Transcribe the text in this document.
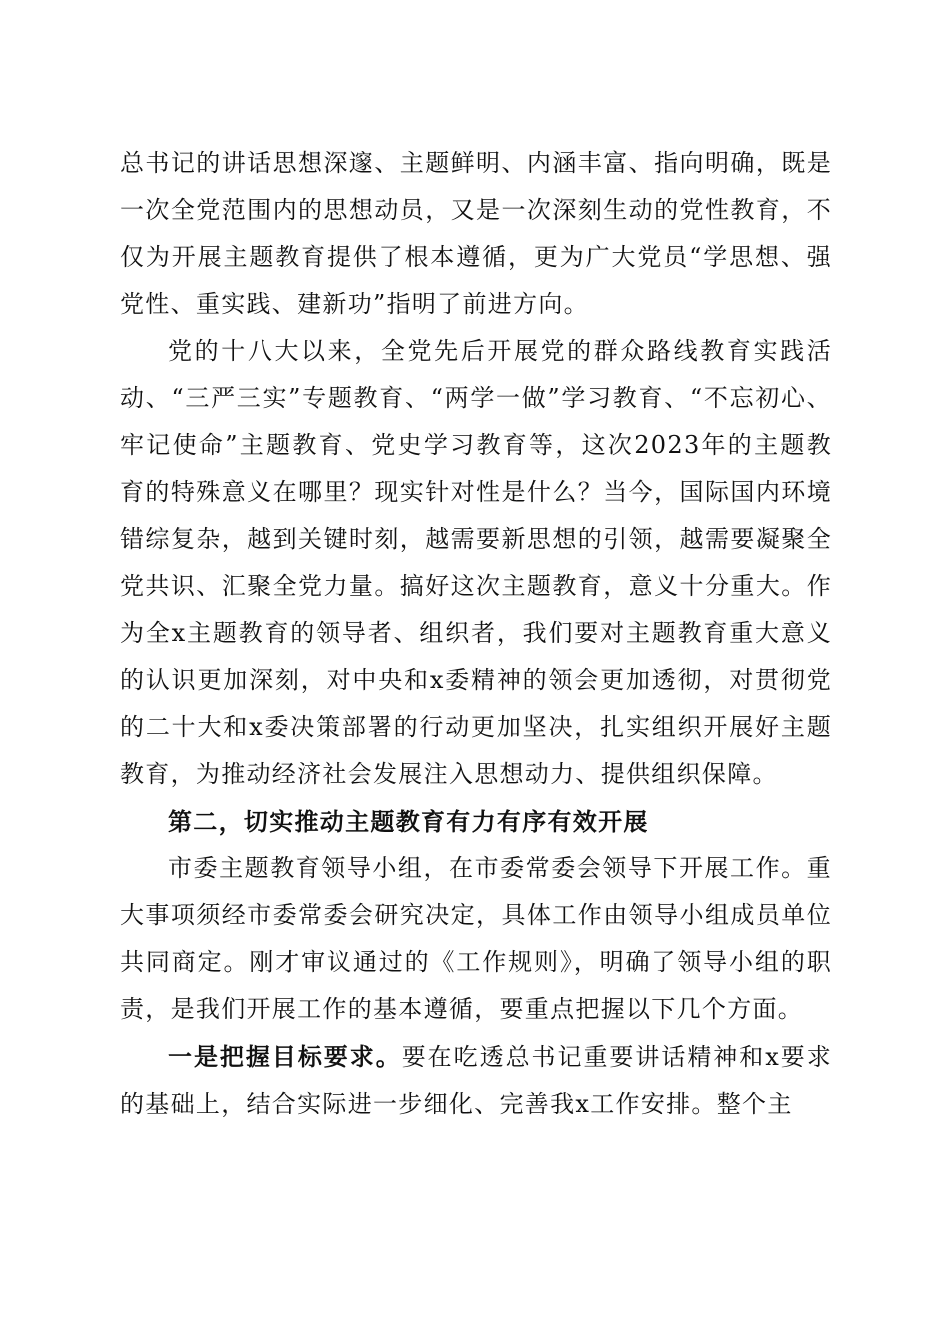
总书记的讲话思想深邃、主题鲜明、内涵丰富、指向明确，既是一次全党范围内的思想动员，又是一次深刻生动的党性教育，不仅为开展主题教育提供了根本遵循，更为广大党员“学思想、强党性、重实践、建新功”指明了前进方向。

党的十八大以来，全党先后开展党的群众路线教育实践活动、“三严三实”专题教育、“两学一做”学习教育、“不忘初心、牢记使命”主题教育、党史学习教育等，这次2023年的主题教育的特殊意义在哪里？现实针对性是什么？当今，国际国内环境错综复杂，越到关键时刻，越需要新思想的引领，越需要凝聚全党共识、汇聚全党力量。搞好这次主题教育，意义十分重大。作为全x主题教育的领导者、组织者，我们要对主题教育重大意义的认识更加深刻，对中央和x委精神的领会更加透彻，对贯彻党的二十大和x委决策部署的行动更加坚决，扎实组织开展好主题教育，为推动经济社会发展注入思想动力、提供组织保障。

第二，切实推动主题教育有力有序有效开展

市委主题教育领导小组，在市委常委会领导下开展工作。重大事项须经市委常委会研究决定，具体工作由领导小组成员单位共同商定。刚才审议通过的《工作规则》，明确了领导小组的职责，是我们开展工作的基本遵循，要重点把握以下几个方面。

一是把握目标要求。要在吃透总书记重要讲话精神和x要求的基础上，结合实际进一步细化、完善我x工作安排。整个主
